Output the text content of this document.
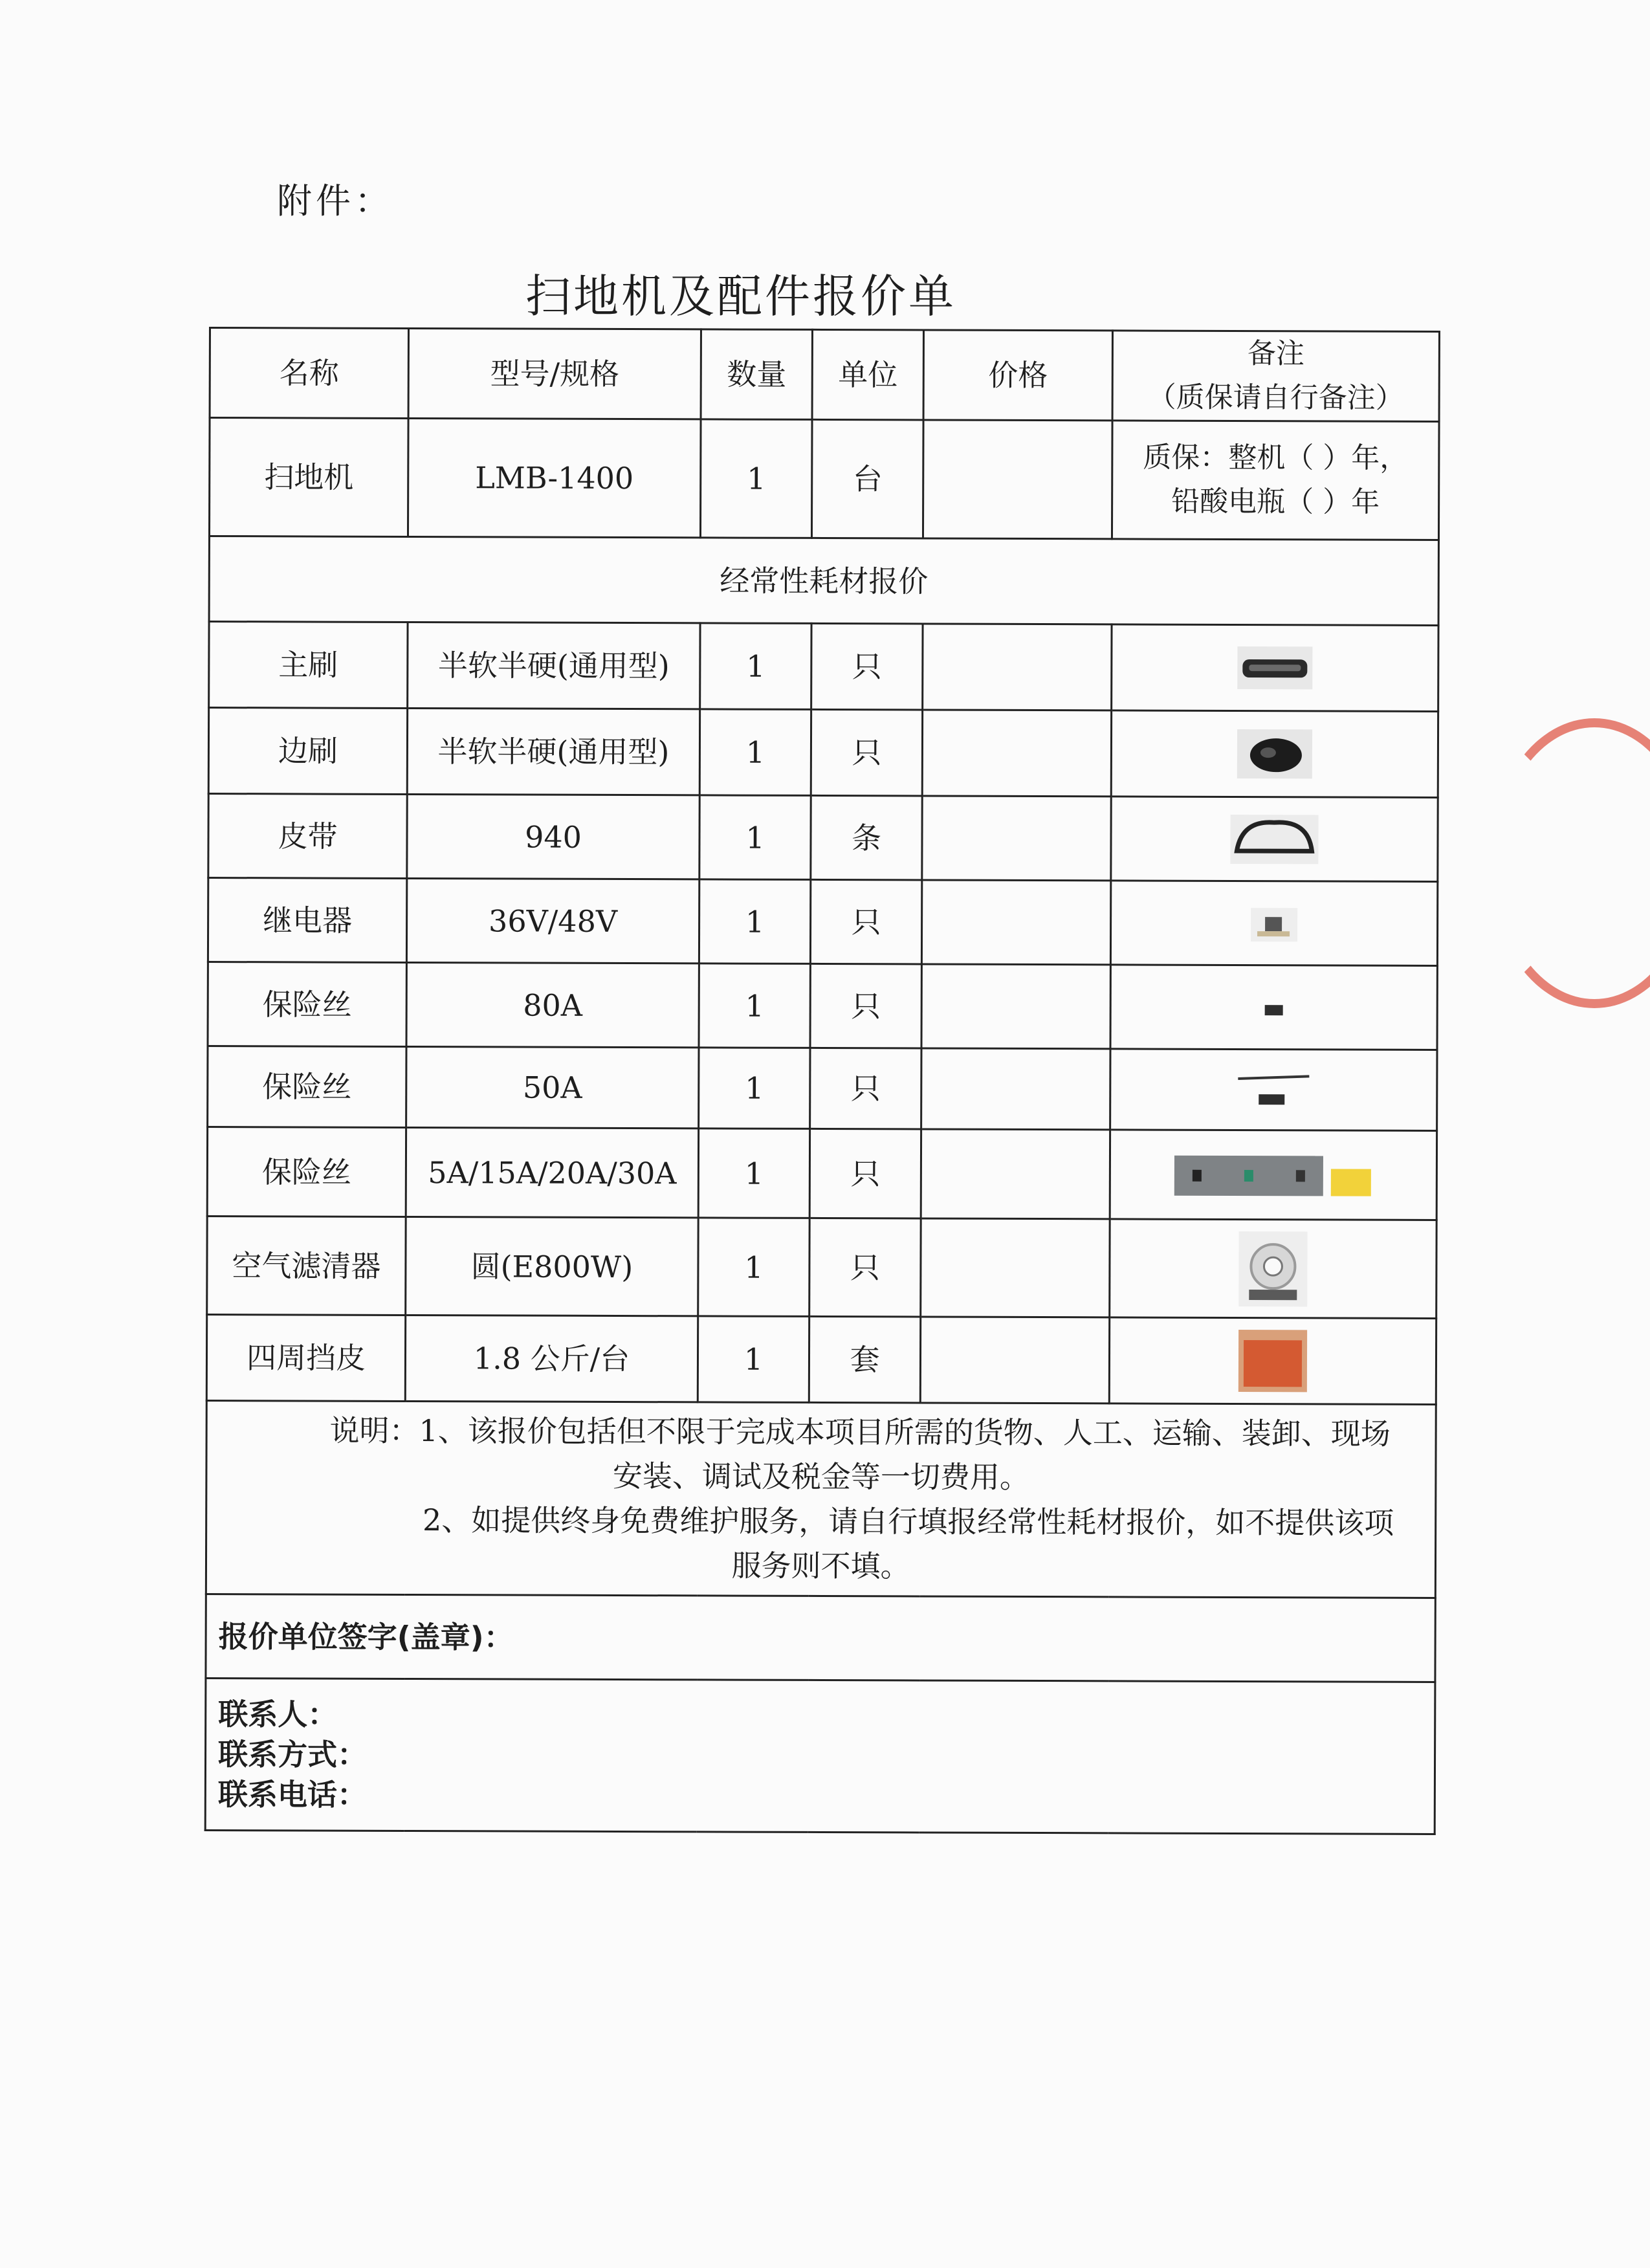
附件：
扫地机及配件报价单
名称	型号/规格	数量	单位	价格	备注
（质保请自行备注）

扫地机	LMB-1400	1	台		质保：整机（ ）年，
铅酸电瓶（ ）年

经常性耗材报价					
主刷	半软半硬(通用型)	1	只		
边刷	半软半硬(通用型)	1	只		
皮带	940	1	条		
继电器	36V/48V	1	只		
保险丝	80A	1	只		
保险丝	50A	1	只		
保险丝	5A/15A/20A/30A	1	只		
空气滤清器	圆(E800W)	1	只		
四周挡皮	1.8 公斤/台	1	套		

说明：1、该报价包括但不限于完成本项目所需的货物、人工、运输、装卸、现场

安装、调试及税金等一切费用。

2、如提供终身免费维护服务，请自行填报经常性耗材报价，如不提供该项

服务则不填。					

报价单位签字(盖章)：					

联系人：
联系方式：
联系电话：					
